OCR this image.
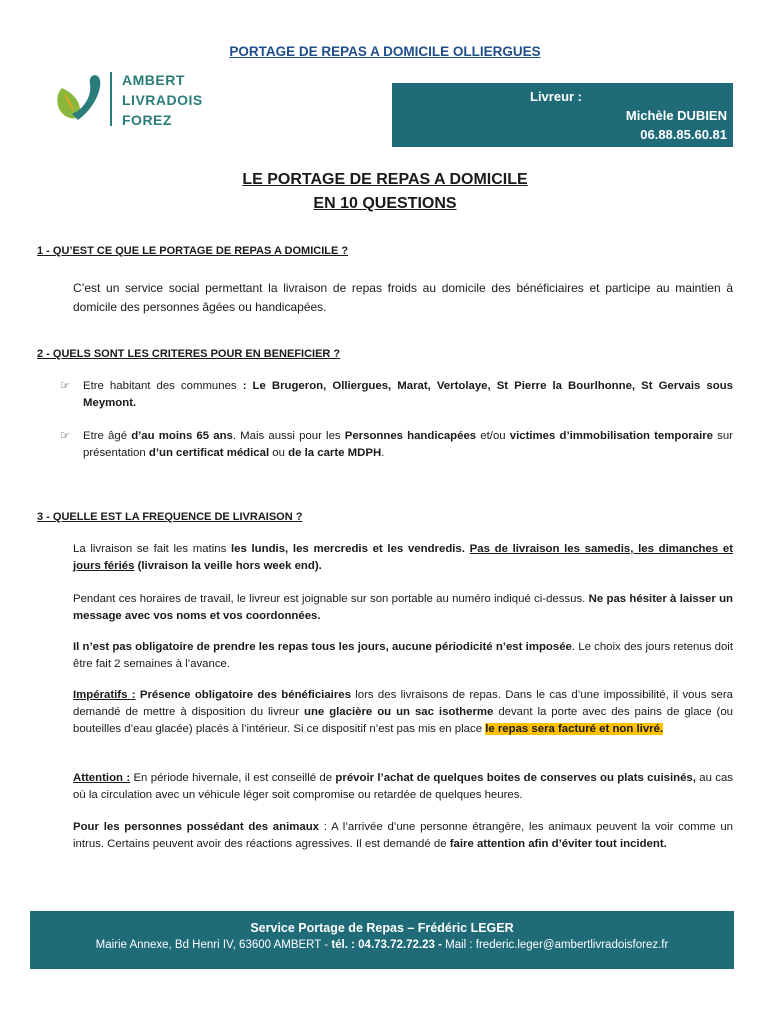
PORTAGE DE REPAS A DOMICILE OLLIERGUES
AMBERT
LIVRADOIS
FOREZ
Livreur :
Michèle DUBIEN
06.88.85.60.81
LE PORTAGE DE REPAS A DOMICILE
EN 10 QUESTIONS
1 - QU’EST CE QUE LE PORTAGE DE REPAS A DOMICILE ?
C’est un service social permettant la livraison de repas froids au domicile des bénéficiaires et participe au maintien à domicile des personnes âgées ou handicapées.
2 - QUELS SONT LES CRITERES POUR EN BENEFICIER ?
☞ Etre habitant des communes : Le Brugeron, Olliergues, Marat, Vertolaye, St Pierre la Bourlhonne, St Gervais sous Meymont.
☞ Etre âgé d’au moins 65 ans. Mais aussi pour les Personnes handicapées et/ou victimes d’immobilisation temporaire sur présentation d’un certificat médical ou de la carte MDPH.
3 - QUELLE EST LA FREQUENCE DE LIVRAISON ?
La livraison se fait les matins les lundis, les mercredis et les vendredis. Pas de livraison les samedis, les dimanches et jours fériés (livraison la veille hors week end).
Pendant ces horaires de travail, le livreur est joignable sur son portable au numéro indiqué ci-dessus. Ne pas hésiter à laisser un message avec vos noms et vos coordonnées.
Il n’est pas obligatoire de prendre les repas tous les jours, aucune périodicité n’est imposée. Le choix des jours retenus doit être fait 2 semaines à l’avance.
Impératifs : Présence obligatoire des bénéficiaires lors des livraisons de repas. Dans le cas d’une impossibilité, il vous sera demandé de mettre à disposition du livreur une glacière ou un sac isotherme devant la porte avec des pains de glace (ou bouteilles d’eau glacée) placés à l’intérieur. Si ce dispositif n’est pas mis en place le repas sera facturé et non livré.
Attention : En période hivernale, il est conseillé de prévoir l’achat de quelques boites de conserves ou plats cuisinés, au cas où la circulation avec un véhicule léger soit compromise ou retardée de quelques heures.
Pour les personnes possédant des animaux : A l’arrivée d’une personne étrangère, les animaux peuvent la voir comme un intrus. Certains peuvent avoir des réactions agressives. Il est demandé de faire attention afin d’éviter tout incident.
Service Portage de Repas – Frédéric LEGER
Mairie Annexe, Bd Henri IV, 63600 AMBERT - tél. : 04.73.72.72.23 - Mail : frederic.leger@ambertlivradoisforez.fr
